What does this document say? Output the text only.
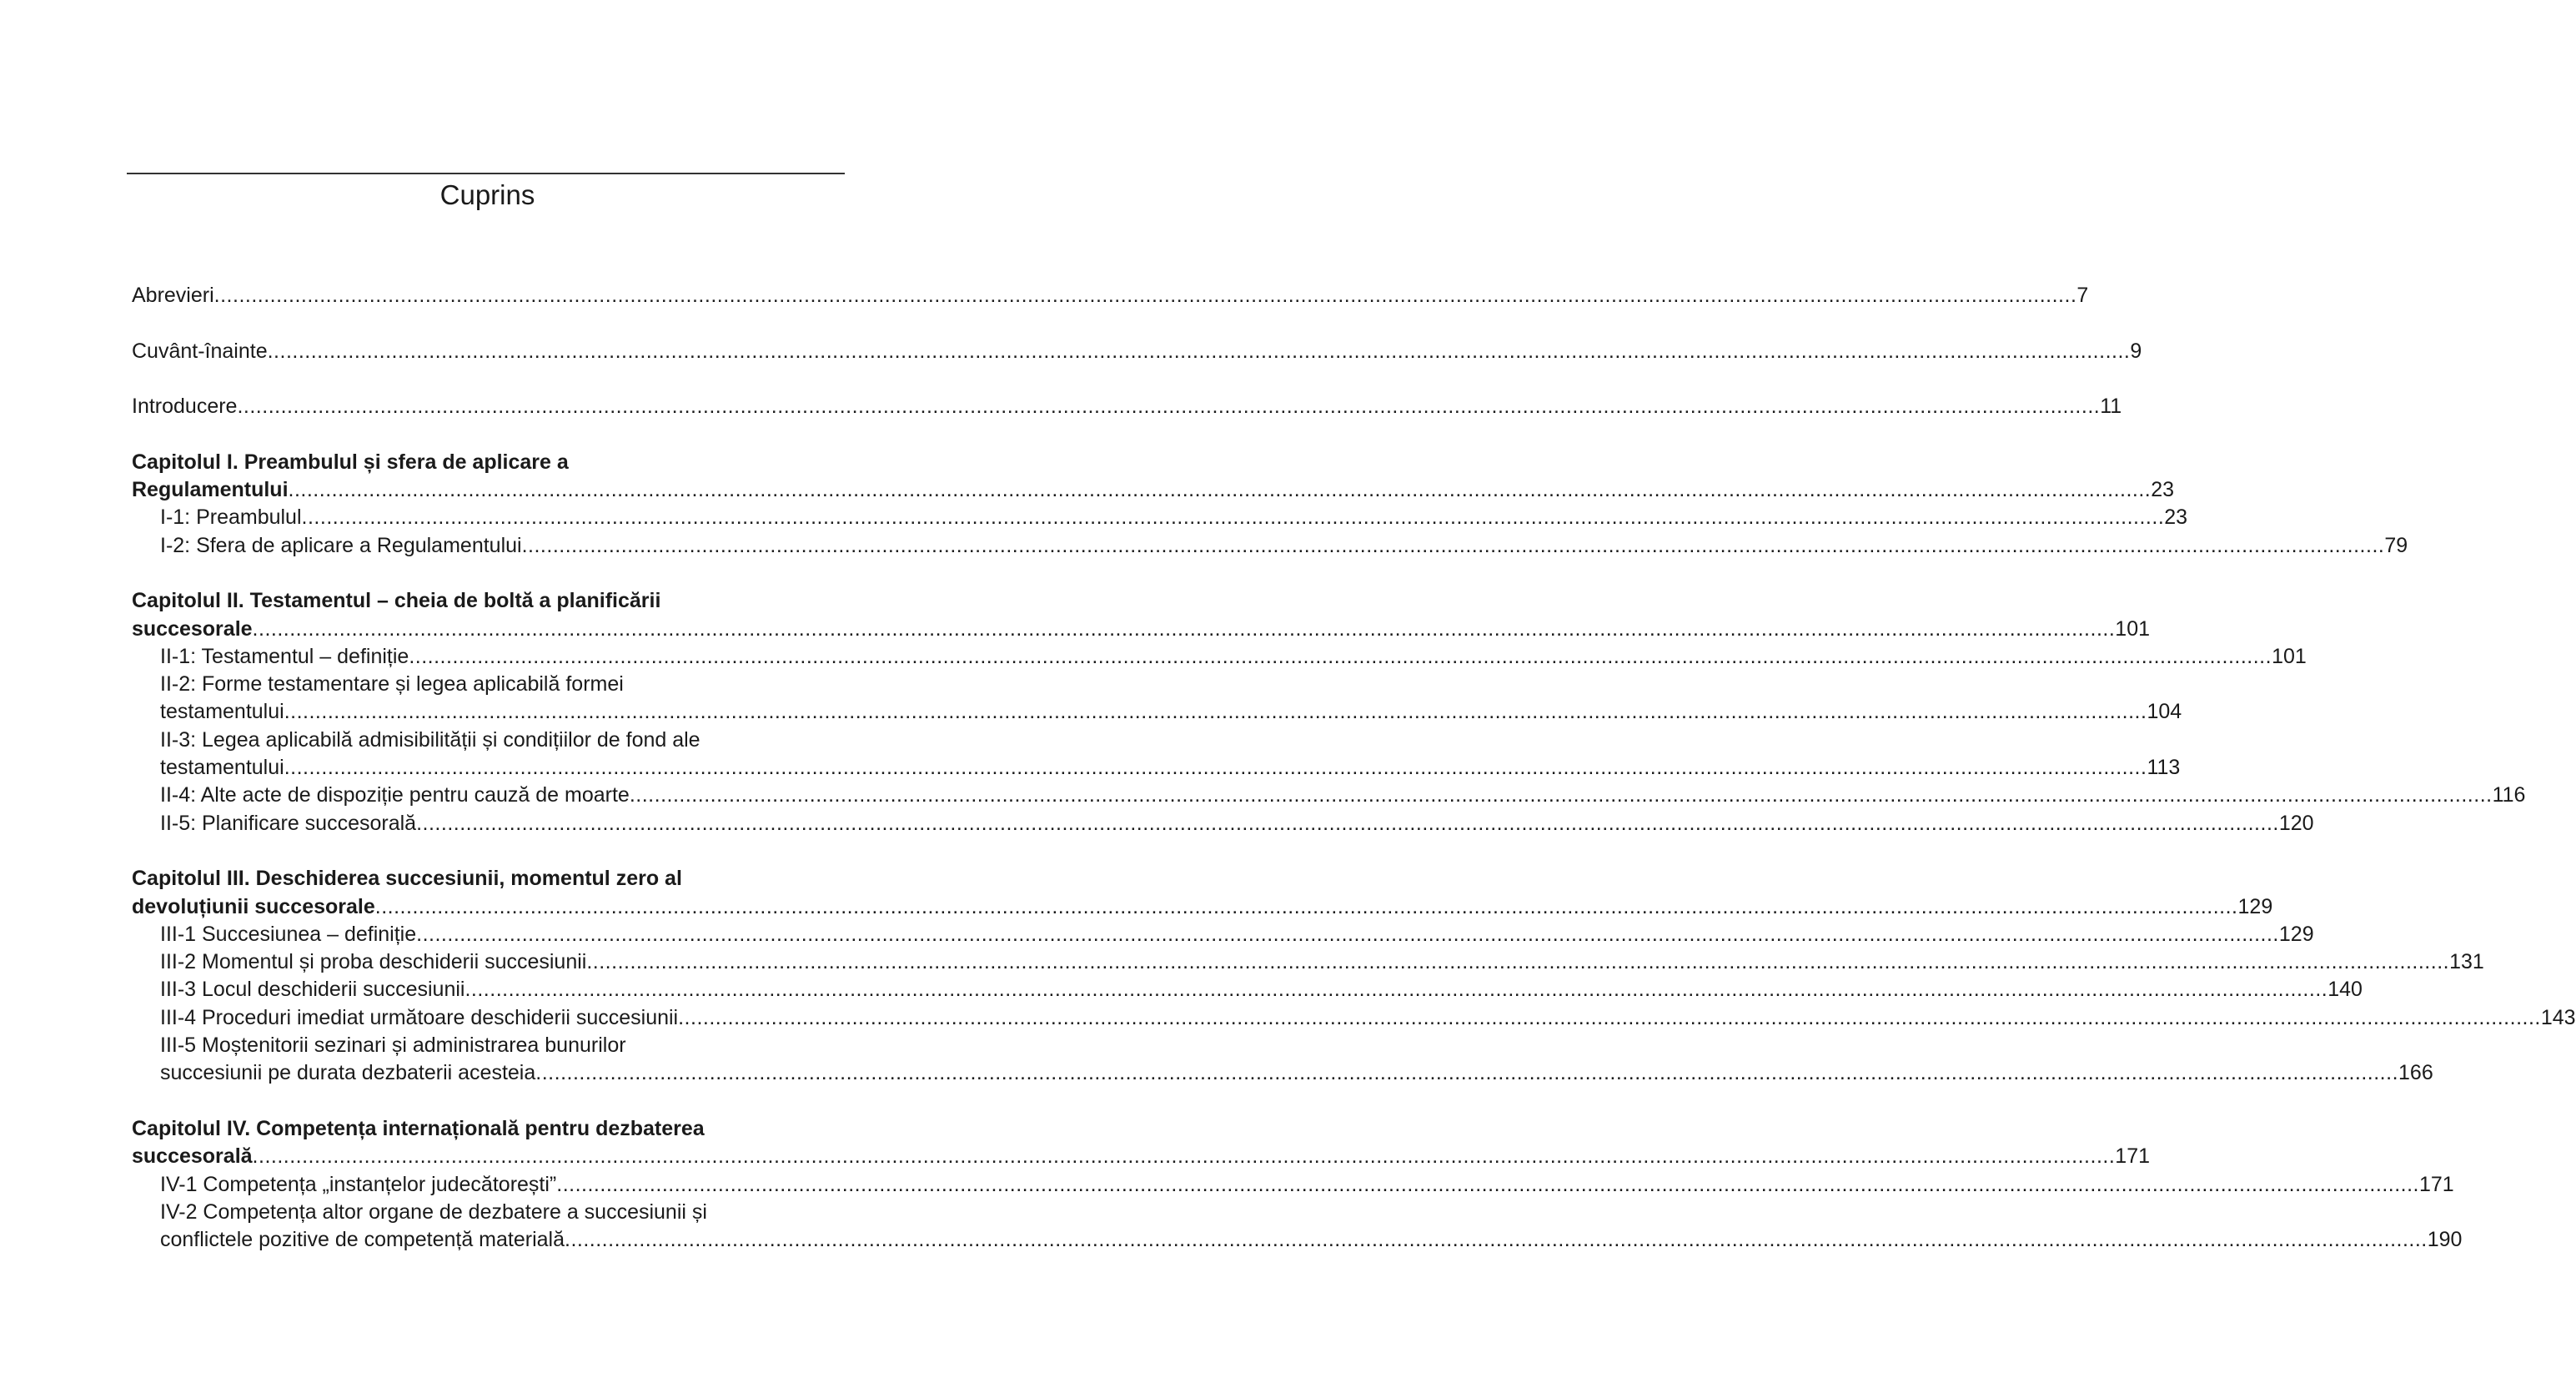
Cuprins
Abrevieri ............................................................................................................................................................................................................................................................................................................ 7
Cuvânt-înainte ............................................................................................................................................................................................................................................................................................................ 9
Introducere ............................................................................................................................................................................................................................................................................................................ 11
Capitolul I. Preambulul și sfera de aplicare a
Regulamentului ............................................................................................................................................................................................................................................................................................................ 23
I-1: Preambulul ............................................................................................................................................................................................................................................................................................................ 23
I-2: Sfera de aplicare a Regulamentului ............................................................................................................................................................................................................................................................................................................ 79
Capitolul II. Testamentul – cheia de boltă a planificării
succesorale ............................................................................................................................................................................................................................................................................................................ 101
II-1: Testamentul – definiție ............................................................................................................................................................................................................................................................................................................ 101
II-2: Forme testamentare și legea aplicabilă formei
testamentului ............................................................................................................................................................................................................................................................................................................ 104
II-3: Legea aplicabilă admisibilității și condițiilor de fond ale
testamentului ............................................................................................................................................................................................................................................................................................................ 113
II-4: Alte acte de dispoziție pentru cauză de moarte ............................................................................................................................................................................................................................................................................................................ 116
II-5: Planificare succesorală ............................................................................................................................................................................................................................................................................................................ 120
Capitolul III. Deschiderea succesiunii, momentul zero al
devoluțiunii succesorale ............................................................................................................................................................................................................................................................................................................ 129
III-1 Succesiunea – definiție ............................................................................................................................................................................................................................................................................................................ 129
III-2 Momentul și proba deschiderii succesiunii ............................................................................................................................................................................................................................................................................................................ 131
III-3 Locul deschiderii succesiunii ............................................................................................................................................................................................................................................................................................................ 140
III-4 Proceduri imediat următoare deschiderii succesiunii ............................................................................................................................................................................................................................................................................................................ 143
III-5 Moștenitorii sezinari și administrarea bunurilor
succesiunii pe durata dezbaterii acesteia ............................................................................................................................................................................................................................................................................................................ 166
Capitolul IV. Competența internațională pentru dezbaterea
succesorală ............................................................................................................................................................................................................................................................................................................ 171
IV-1 Competența „instanțelor judecătorești” ............................................................................................................................................................................................................................................................................................................ 171
IV-2 Competența altor organe de dezbatere a succesiunii și
conflictele pozitive de competență materială ............................................................................................................................................................................................................................................................................................................ 190
